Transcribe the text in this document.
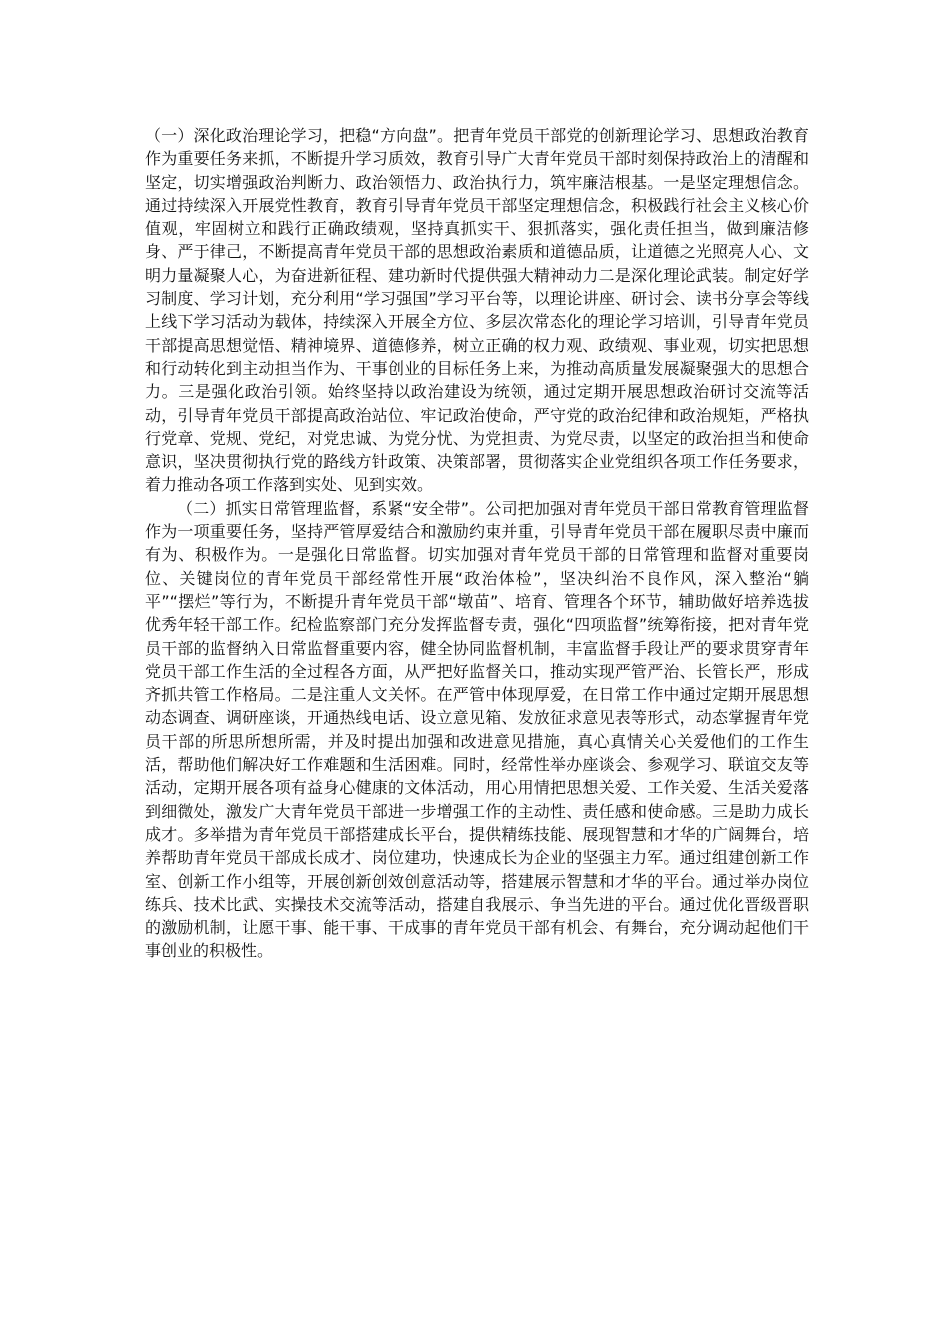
（一）深化政治理论学习，把稳“方向盘”。把青年党员干部党的创新理论学习、思想政治教育作为重要任务来抓，不断提升学习质效，教育引导广大青年党员干部时刻保持政治上的清醒和坚定，切实增强政治判断力、政治领悟力、政治执行力，筑牢廉洁根基。一是坚定理想信念。通过持续深入开展党性教育，教育引导青年党员干部坚定理想信念，积极践行社会主义核心价值观，牢固树立和践行正确政绩观，坚持真抓实干、狠抓落实，强化责任担当，做到廉洁修身、严于律己，不断提高青年党员干部的思想政治素质和道德品质，让道德之光照亮人心、文明力量凝聚人心，为奋进新征程、建功新时代提供强大精神动力二是深化理论武装。制定好学习制度、学习计划，充分利用“学习强国”学习平台等，以理论讲座、研讨会、读书分享会等线上线下学习活动为载体，持续深入开展全方位、多层次常态化的理论学习培训，引导青年党员干部提高思想觉悟、精神境界、道德修养，树立正确的权力观、政绩观、事业观，切实把思想和行动转化到主动担当作为、干事创业的目标任务上来，为推动高质量发展凝聚强大的思想合力。三是强化政治引领。始终坚持以政治建设为统领，通过定期开展思想政治研讨交流等活动，引导青年党员干部提高政治站位、牢记政治使命，严守党的政治纪律和政治规矩，严格执行党章、党规、党纪，对党忠诚、为党分忧、为党担责、为党尽责，以坚定的政治担当和使命意识，坚决贯彻执行党的路线方针政策、决策部署，贯彻落实企业党组织各项工作任务要求，着力推动各项工作落到实处、见到实效。

（二）抓实日常管理监督，系紧“安全带”。公司把加强对青年党员干部日常教育管理监督作为一项重要任务，坚持严管厚爱结合和激励约束并重，引导青年党员干部在履职尽责中廉而有为、积极作为。一是强化日常监督。切实加强对青年党员干部的日常管理和监督对重要岗位、关键岗位的青年党员干部经常性开展“政治体检”，坚决纠治不良作风，深入整治“躺平”“摆烂”等行为，不断提升青年党员干部“墩苗”、培育、管理各个环节，辅助做好培养选拔优秀年轻干部工作。纪检监察部门充分发挥监督专责，强化“四项监督”统筹衔接，把对青年党员干部的监督纳入日常监督重要内容，健全协同监督机制，丰富监督手段让严的要求贯穿青年党员干部工作生活的全过程各方面，从严把好监督关口，推动实现严管严治、长管长严，形成齐抓共管工作格局。二是注重人文关怀。在严管中体现厚爱，在日常工作中通过定期开展思想动态调查、调研座谈，开通热线电话、设立意见箱、发放征求意见表等形式，动态掌握青年党员干部的所思所想所需，并及时提出加强和改进意见措施，真心真情关心关爱他们的工作生活，帮助他们解决好工作难题和生活困难。同时，经常性举办座谈会、参观学习、联谊交友等活动，定期开展各项有益身心健康的文体活动，用心用情把思想关爱、工作关爱、生活关爱落到细微处，激发广大青年党员干部进一步增强工作的主动性、责任感和使命感。三是助力成长成才。多举措为青年党员干部搭建成长平台，提供精练技能、展现智慧和才华的广阔舞台，培养帮助青年党员干部成长成才、岗位建功，快速成长为企业的坚强主力军。通过组建创新工作室、创新工作小组等，开展创新创效创意活动等，搭建展示智慧和才华的平台。通过举办岗位练兵、技术比武、实操技术交流等活动，搭建自我展示、争当先进的平台。通过优化晋级晋职的激励机制，让愿干事、能干事、干成事的青年党员干部有机会、有舞台，充分调动起他们干事创业的积极性。
